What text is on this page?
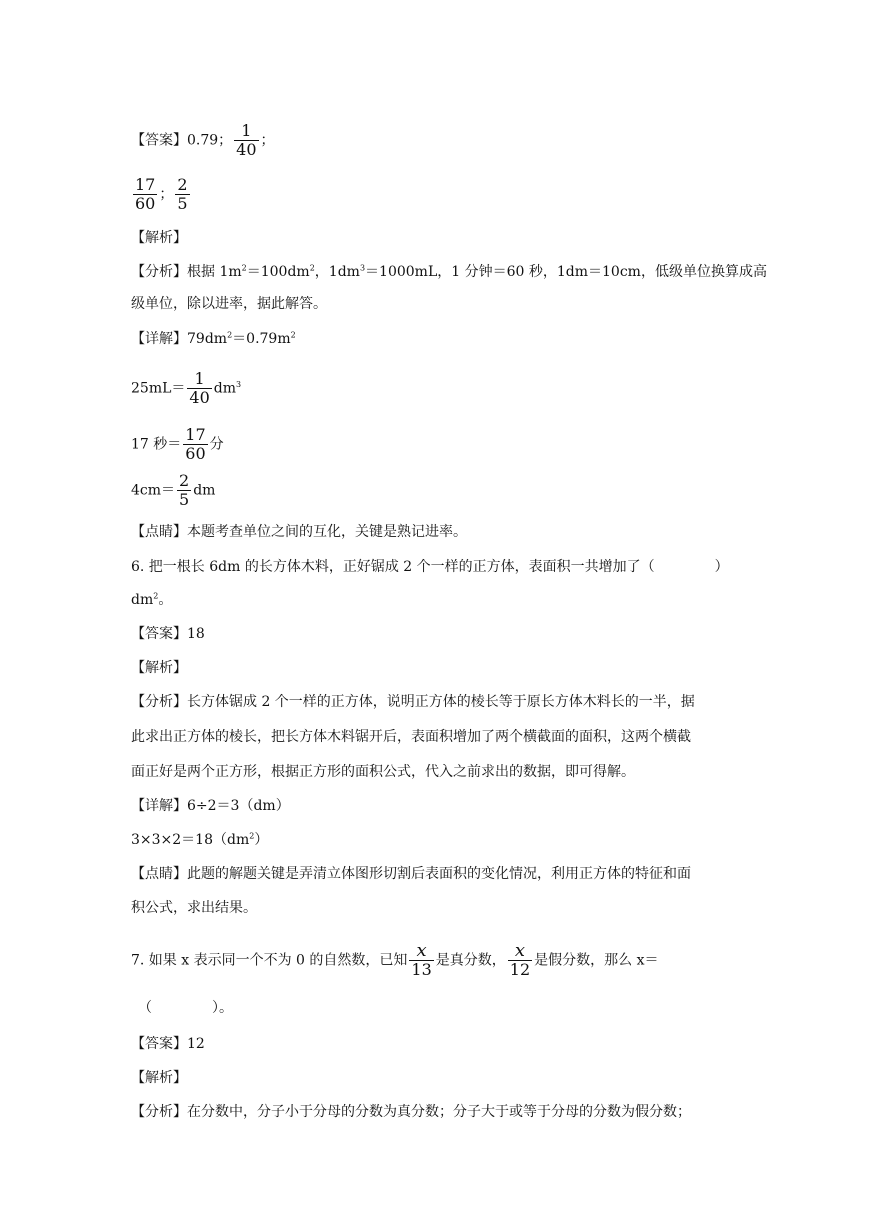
【答案】0.79； $\frac{1}{40}$ ；
$\frac{17}{60}$ ； $\frac{2}{5}$
【解析】
【分析】根据 $1m^2=100dm^2$，$1dm^3=1000mL$，1 分钟＝60 秒，1dm＝10cm，低级单位换算成高
级单位，除以进率，据此解答。
【详解】$79dm^2=0.79m^2$
$25mL= \frac{1}{40} dm^3$
17 秒＝ $\frac{17}{60}$ 分
$4cm= \frac{2}{5}$ dm
【点睛】本题考查单位之间的互化，关键是熟记进率。
6. 把一根长 6dm 的长方体木料，正好锯成 2 个一样的正方体，表面积一共增加了（	）
$dm^2$。
【答案】18
【解析】
【分析】长方体锯成 2 个一样的正方体，说明正方体的棱长等于原长方体木料长的一半，据
此求出正方体的棱长，把长方体木料锯开后，表面积增加了两个横截面的面积，这两个横截
面正好是两个正方形，根据正方形的面积公式，代入之前求出的数据，即可得解。
【详解】6÷2＝3（dm）
$3\times 3\times 2=18(dm^2)$
【点睛】此题的解题关键是弄清立体图形切割后表面积的变化情况，利用正方体的特征和面
积公式，求出结果。
7. 如果 x 表示同一个不为 0 的自然数，已知 $\frac{x}{13}$ 是真分数， $\frac{x}{12}$ 是假分数，那么 x＝
（	）。
【答案】12
【解析】
【分析】在分数中，分子小于分母的分数为真分数；分子大于或等于分母的分数为假分数；
